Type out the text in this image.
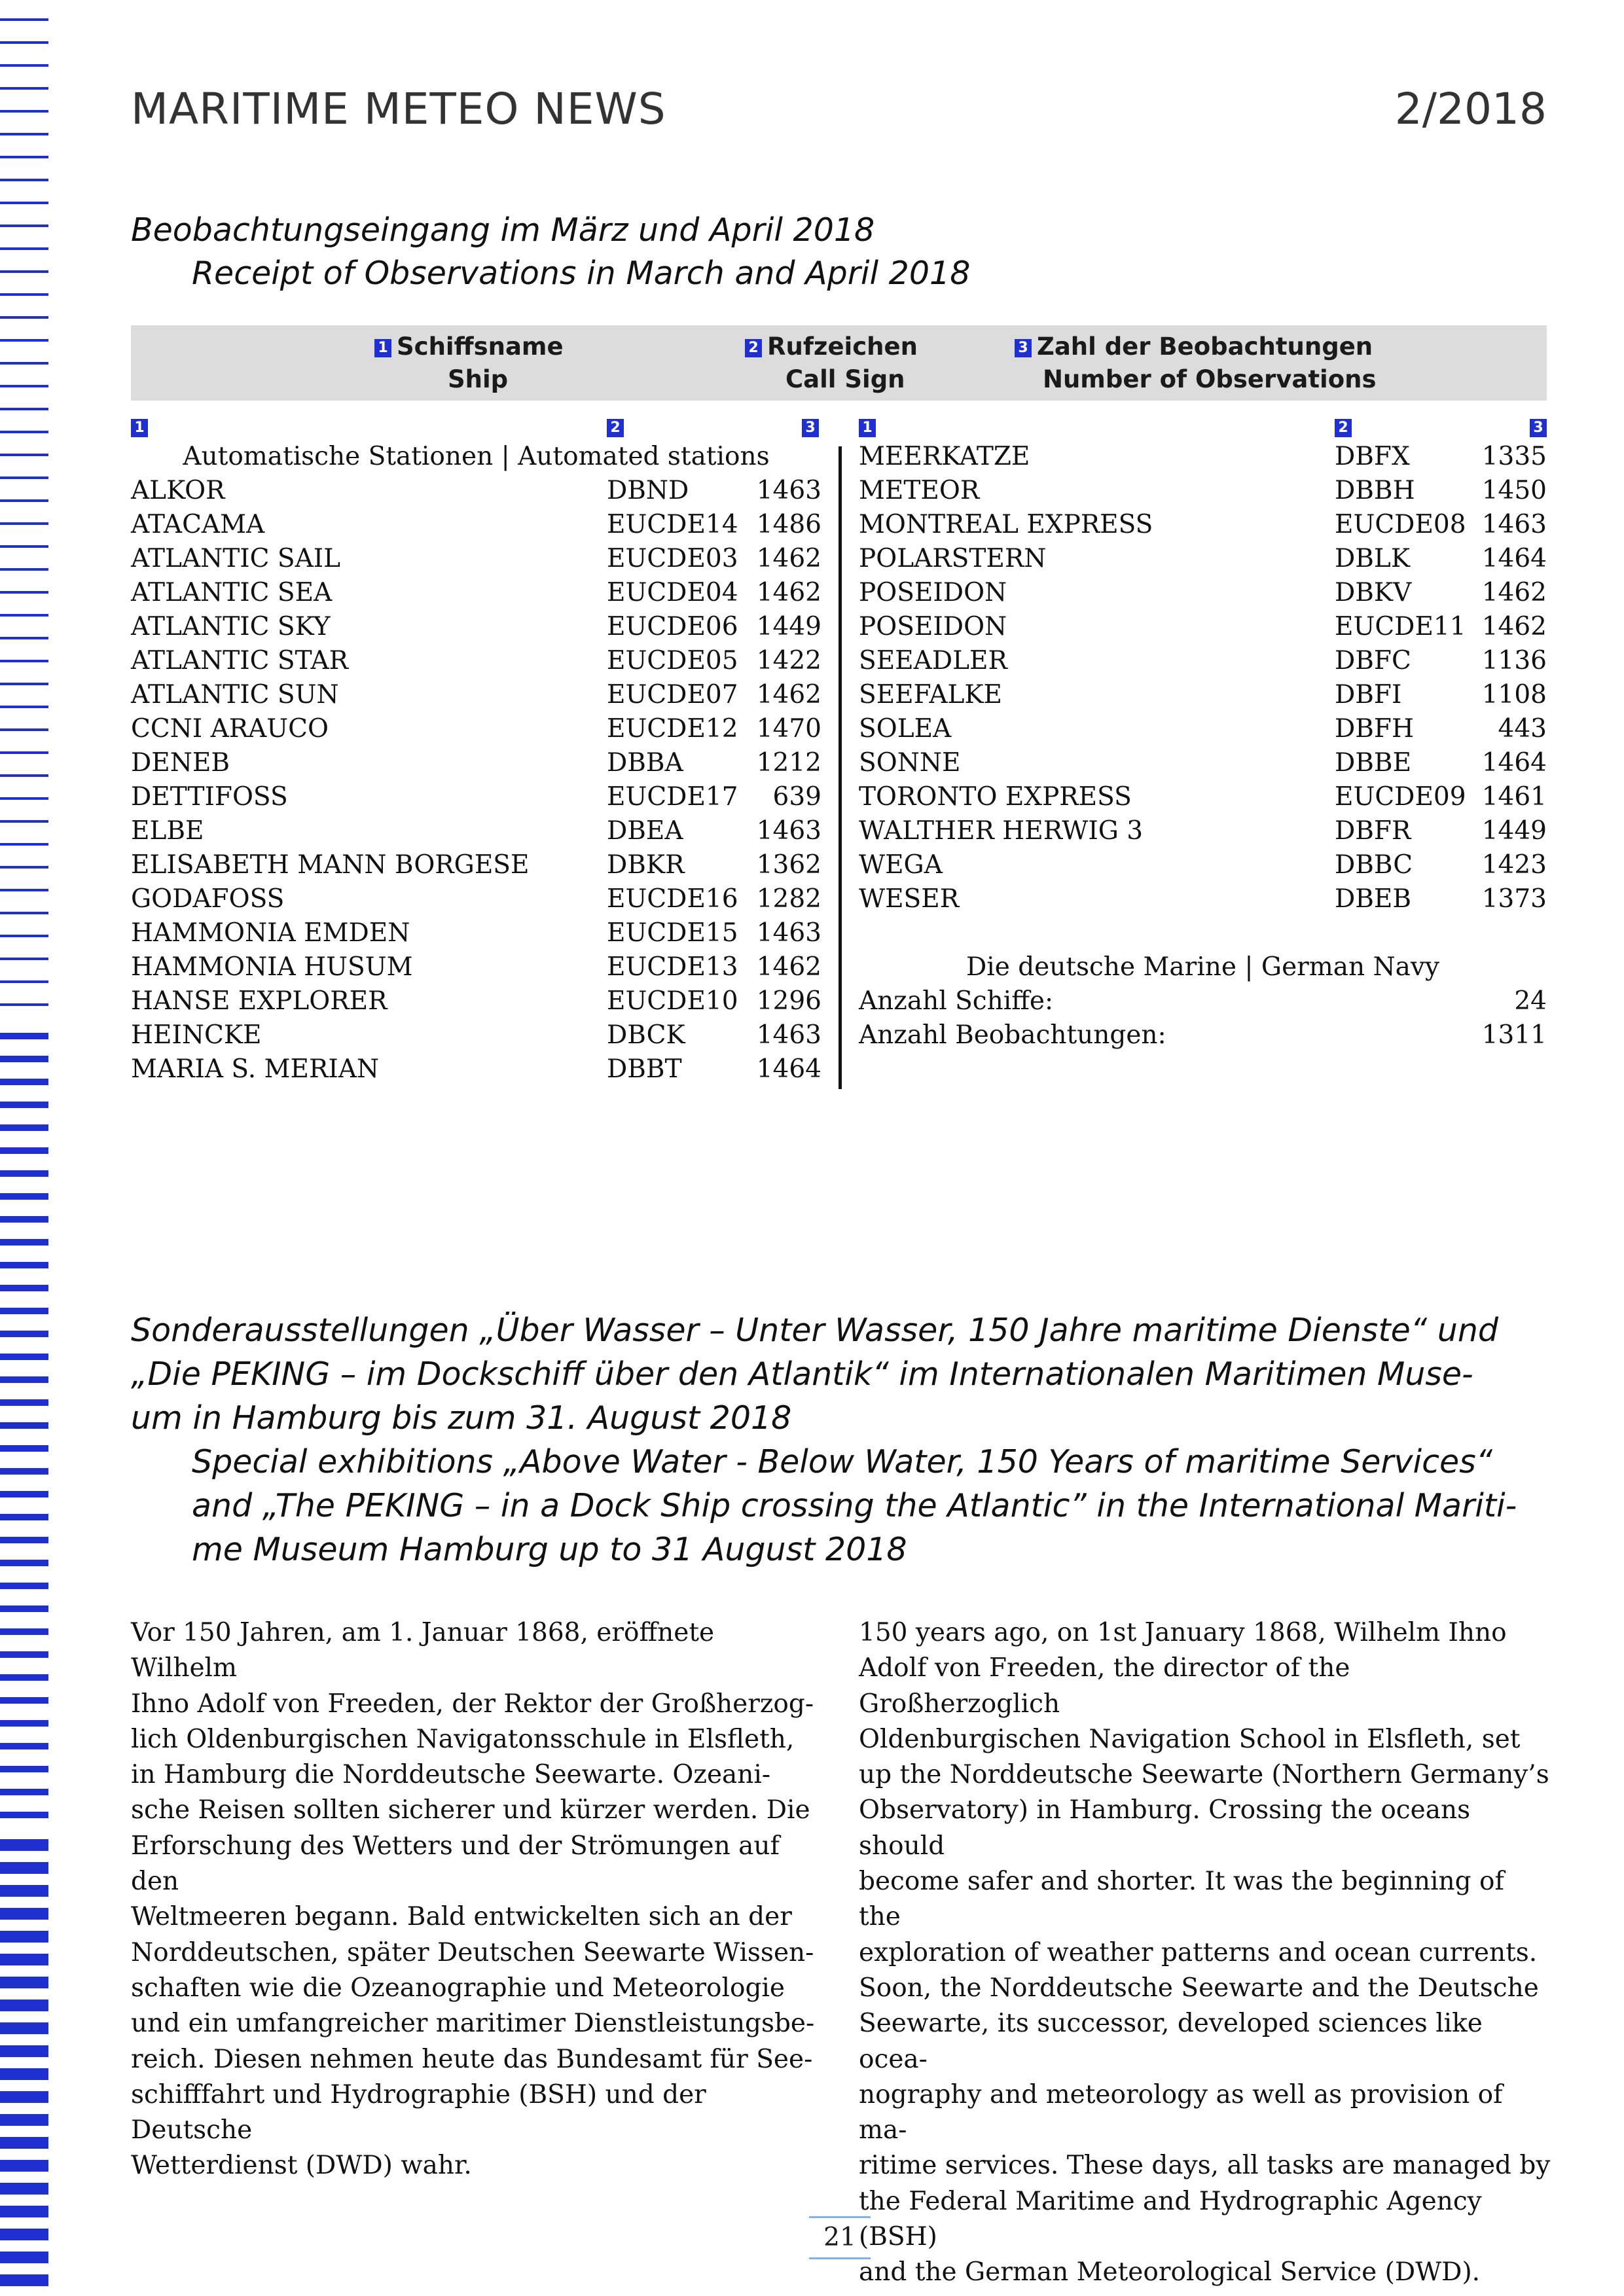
MARITIME METEO NEWS	2/2018
Beobachtungseingang im März und April 2018
Receipt of Observations in March and April 2018
1 Schiffsname
Ship
2 Rufzeichen
Call Sign
3 Zahl der Beobachtungen
Number of Observations
1	2	3	1	2	3
Automatische Stationen | Automated stations
ALKOR	DBND	1463
ATACAMA	EUCDE14 1486
ATLANTIC SAIL	EUCDE03 1462
ATLANTIC SEA	EUCDE04 1462
ATLANTIC SKY	EUCDE06 1449
ATLANTIC STAR	EUCDE05 1422
ATLANTIC SUN	EUCDE07 1462
CCNI ARAUCO	EUCDE12 1470
DENEB	DBBA	1212
DETTIFOSS	EUCDE17 639
ELBE	DBEA	1463
ELISABETH MANN BORGESE	DBKR	1362
GODAFOSS	EUCDE16 1282
HAMMONIA EMDEN	EUCDE15 1463
HAMMONIA HUSUM	EUCDE13 1462
HANSE EXPLORER	EUCDE10 1296
HEINCKE	DBCK	1463
MARIA S. MERIAN	DBBT	1464
MEERKATZE	DBFX	1335
METEOR	DBBH	1450
MONTREAL EXPRESS	EUCDE08 1463
POLARSTERN	DBLK	1464
POSEIDON	DBKV	1462
POSEIDON	EUCDE11 1462
SEEADLER	DBFC	1136
SEEFALKE	DBFI	1108
SOLEA	DBFH	443
SONNE	DBBE	1464
TORONTO EXPRESS	EUCDE09 1461
WALTHER HERWIG 3	DBFR	1449
WEGA	DBBC	1423
WESER	DBEB	1373
Die deutsche Marine | German Navy
Anzahl Schiffe:	24
Anzahl Beobachtungen:	1311
Sonderausstellungen „Über Wasser – Unter Wasser, 150 Jahre maritime Dienste“ und
„Die PEKING – im Dockschiff über den Atlantik“ im Internationalen Maritimen Muse-
um in Hamburg bis zum 31. August 2018
Special exhibitions „Above Water - Below Water, 150 Years of maritime Services“
and „The PEKING – in a Dock Ship crossing the Atlantic” in the International Mariti-
me Museum Hamburg up to 31 August 2018
Vor 150 Jahren, am 1. Januar 1868, eröffnete Wilhelm
Ihno Adolf von Freeden, der Rektor der Großherzog-
lich Oldenburgischen Navigatonsschule in Elsfleth,
in Hamburg die Norddeutsche Seewarte. Ozeani-
sche Reisen sollten sicherer und kürzer werden. Die
Erforschung des Wetters und der Strömungen auf den
Weltmeeren begann. Bald entwickelten sich an der
Norddeutschen, später Deutschen Seewarte Wissen-
schaften wie die Ozeanographie und Meteorologie
und ein umfangreicher maritimer Dienstleistungsbe-
reich. Diesen nehmen heute das Bundesamt für See-
schifffahrt und Hydrographie (BSH) und der Deutsche
Wetterdienst (DWD) wahr.
150 years ago, on 1st January 1868, Wilhelm Ihno
Adolf von Freeden, the director of the Großherzoglich
Oldenburgischen Navigation School in Elsfleth, set
up the Norddeutsche Seewarte (Northern Germany’s
Observatory) in Hamburg. Crossing the oceans should
become safer and shorter. It was the beginning of the
exploration of weather patterns and ocean currents.
Soon, the Norddeutsche Seewarte and the Deutsche
Seewarte, its successor, developed sciences like ocea-
nography and meteorology as well as provision of ma-
ritime services. These days, all tasks are managed by
the Federal Maritime and Hydrographic Agency (BSH)
and the German Meteorological Service (DWD).
21
